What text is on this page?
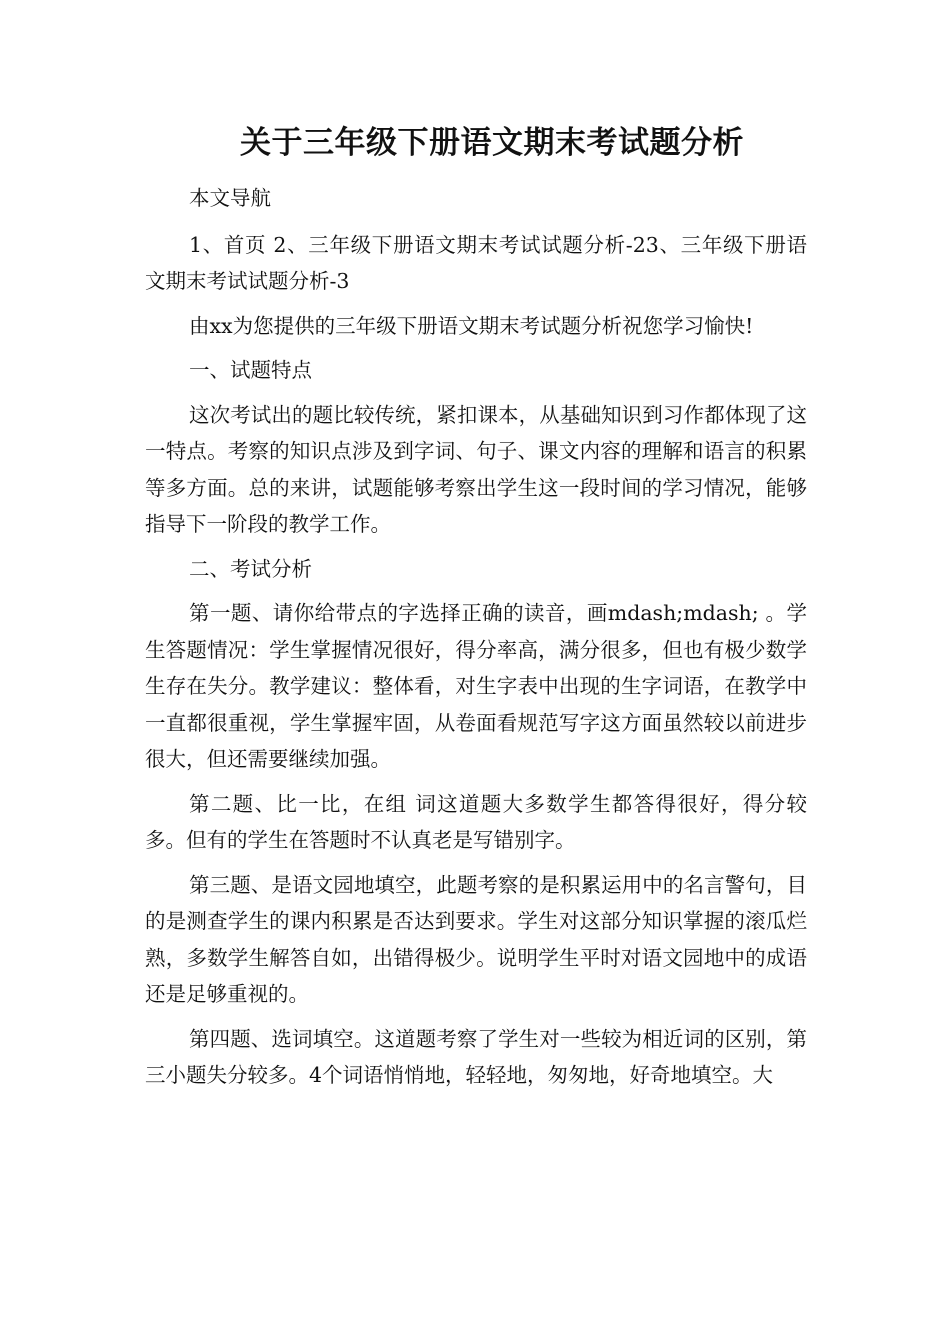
关于三年级下册语文期末考试题分析

本文导航

1、首页 2、三年级下册语文期末考试试题分析-23、三年级下册语文期末考试试题分析-3

由xx为您提供的三年级下册语文期末考试题分析祝您学习愉快!

一、试题特点

这次考试出的题比较传统，紧扣课本，从基础知识到习作都体现了这一特点。考察的知识点涉及到字词、句子、课文内容的理解和语言的积累等多方面。总的来讲，试题能够考察出学生这一段时间的学习情况，能够指导下一阶段的教学工作。

二、考试分析

第一题、请你给带点的字选择正确的读音，画mdash;mdash; 。学生答题情况：学生掌握情况很好，得分率高，满分很多，但也有极少数学生存在失分。教学建议：整体看，对生字表中出现的生字词语，在教学中一直都很重视，学生掌握牢固，从卷面看规范写字这方面虽然较以前进步很大，但还需要继续加强。

第二题、比一比，在组 词这道题大多数学生都答得很好，得分较多。但有的学生在答题时不认真老是写错别字。

第三题、是语文园地填空，此题考察的是积累运用中的名言警句，目的是测查学生的课内积累是否达到要求。学生对这部分知识掌握的滚瓜烂熟，多数学生解答自如，出错得极少。说明学生平时对语文园地中的成语还是足够重视的。

第四题、选词填空。这道题考察了学生对一些较为相近词的区别，第三小题失分较多。4个词语悄悄地，轻轻地，匆匆地，好奇地填空。大
